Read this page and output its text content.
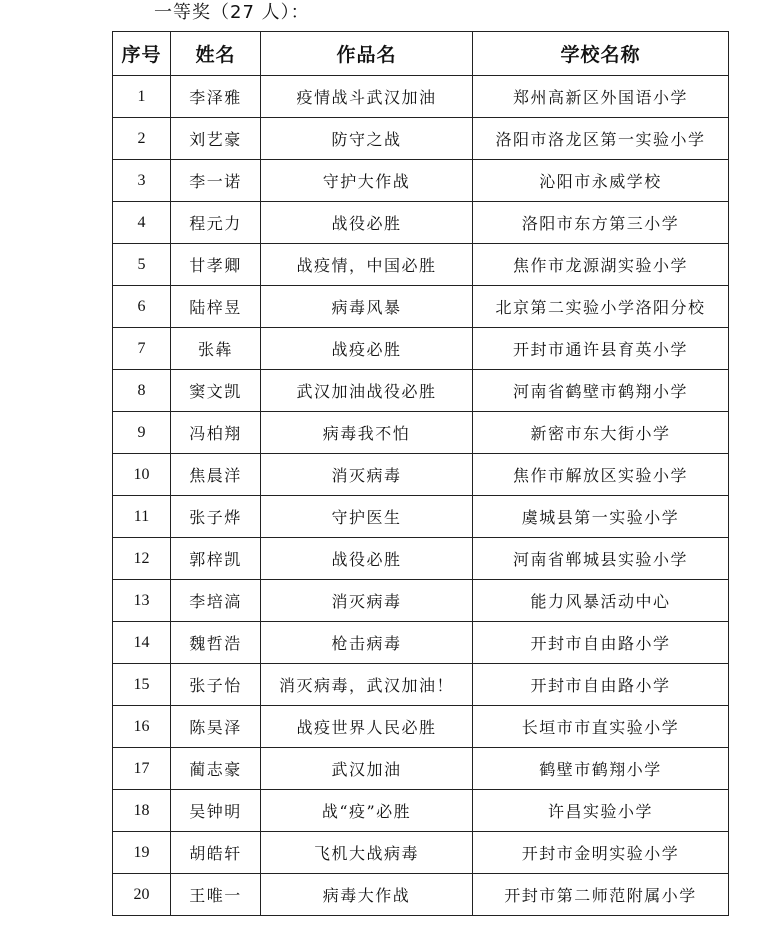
一等奖（27 人）：
序号	姓名	作品名	学校名称
1	李泽雅	疫情战斗武汉加油	郑州高新区外国语小学
2	刘艺豪	防守之战	洛阳市洛龙区第一实验小学
3	李一诺	守护大作战	沁阳市永威学校
4	程元力	战役必胜	洛阳市东方第三小学
5	甘孝卿	战疫情，中国必胜	焦作市龙源湖实验小学
6	陆梓昱	病毒风暴	北京第二实验小学洛阳分校
7	张犇	战疫必胜	开封市通许县育英小学
8	窦文凯	武汉加油战役必胜	河南省鹤壁市鹤翔小学
9	冯柏翔	病毒我不怕	新密市东大街小学
10	焦晨洋	消灭病毒	焦作市解放区实验小学
11	张子烨	守护医生	虞城县第一实验小学
12	郭梓凯	战役必胜	河南省郸城县实验小学
13	李培滈	消灭病毒	能力风暴活动中心
14	魏哲浩	枪击病毒	开封市自由路小学
15	张子怡	消灭病毒，武汉加油！	开封市自由路小学
16	陈昊泽	战疫世界人民必胜	长垣市市直实验小学
17	蔺志豪	武汉加油	鹤壁市鹤翔小学
18	吴钟明	战“疫”必胜	许昌实验小学
19	胡皓轩	飞机大战病毒	开封市金明实验小学
20	王唯一	病毒大作战	开封市第二师范附属小学
